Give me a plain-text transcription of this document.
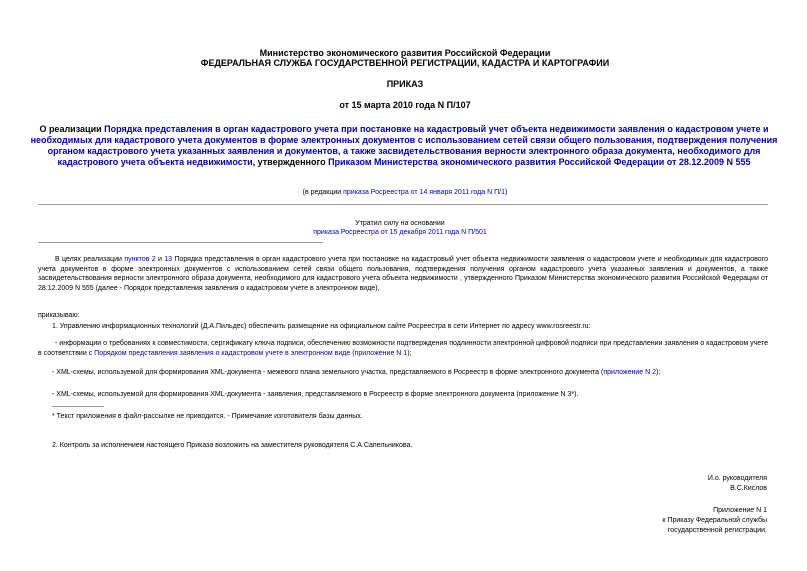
Министерство экономического развития Российской Федерации
ФЕДЕРАЛЬНАЯ СЛУЖБА ГОСУДАРСТВЕННОЙ РЕГИСТРАЦИИ, КАДАСТРА И КАРТОГРАФИИ
ПРИКАЗ
от 15 марта 2010 года N П/107
О реализации Порядка представления в орган кадастрового учета при постановке на кадастровый учет объекта недвижимости заявления о кадастровом учете и необходимых для кадастрового учета документов в форме электронных документов с использованием сетей связи общего пользования, подтверждения получения органом кадастрового учета указанных заявления и документов, а также засвидетельствования верности электронного образа документа, необходимого для кадастрового учета объекта недвижимости, утвержденного Приказом Министерства экономического развития Российской Федерации от 28.12.2009 N 555
(в редакции приказа Росреестра от 14 января 2011 года N П/1)
Утратил силу на основании
приказа Росреестра от 15 декабря 2011 года N П/501
В целях реализации пунктов 2 и 13 Порядка представления в орган кадастрового учета при постановке на кадастровый учет объекта недвижимости заявления о кадастровом учете и необходимых для кадастрового учета документов в форме электронных документов с использованием сетей связи общего пользования, подтверждения получения органом кадастрового учета указанных заявления и документов, а также засвидетельствования верности электронного образа документа, необходимого для кадастрового учета объекта недвижимости , утвержденного Приказом Министерства экономического развития Российской Федерации от 28.12.2009 N 555 (далее - Порядок представления заявления о кадастровом учете в электронном виде),
приказываю:
1. Управлению информационных технологий (Д.А.Пильдес) обеспечить размещение на официальном сайте Росреестра в сети Интернет по адресу www.rosreestr.ru:
- информации о требованиях к совместимости, сертификату ключа подписи, обеспечению возможности подтверждения подлинности электронной цифровой подписи при представлении заявления о кадастровом учете в соответствии с Порядком представления заявления о кадастровом учете в электронном виде (приложение N 1);
- XML-схемы, используемой для формирования XML-документа - межевого плана земельного участка, представляемого в Росреестр в форме электронного документа (приложение N 2);
- XML-схемы, используемой для формирования XML-документа - заявления, представляемого в Росреестр в форме электронного документа (приложение N 3*).
* Текст приложения в файл-рассылке не приводится. - Примечание изготовителя базы данных.
2. Контроль за исполнением настоящего Приказа возложить на заместителя руководителя С.А.Сапельникова.
И.о. руководителя
В.С.Кислов
Приложение N 1
к Приказу Федеральной службы
государственной регистрации,
